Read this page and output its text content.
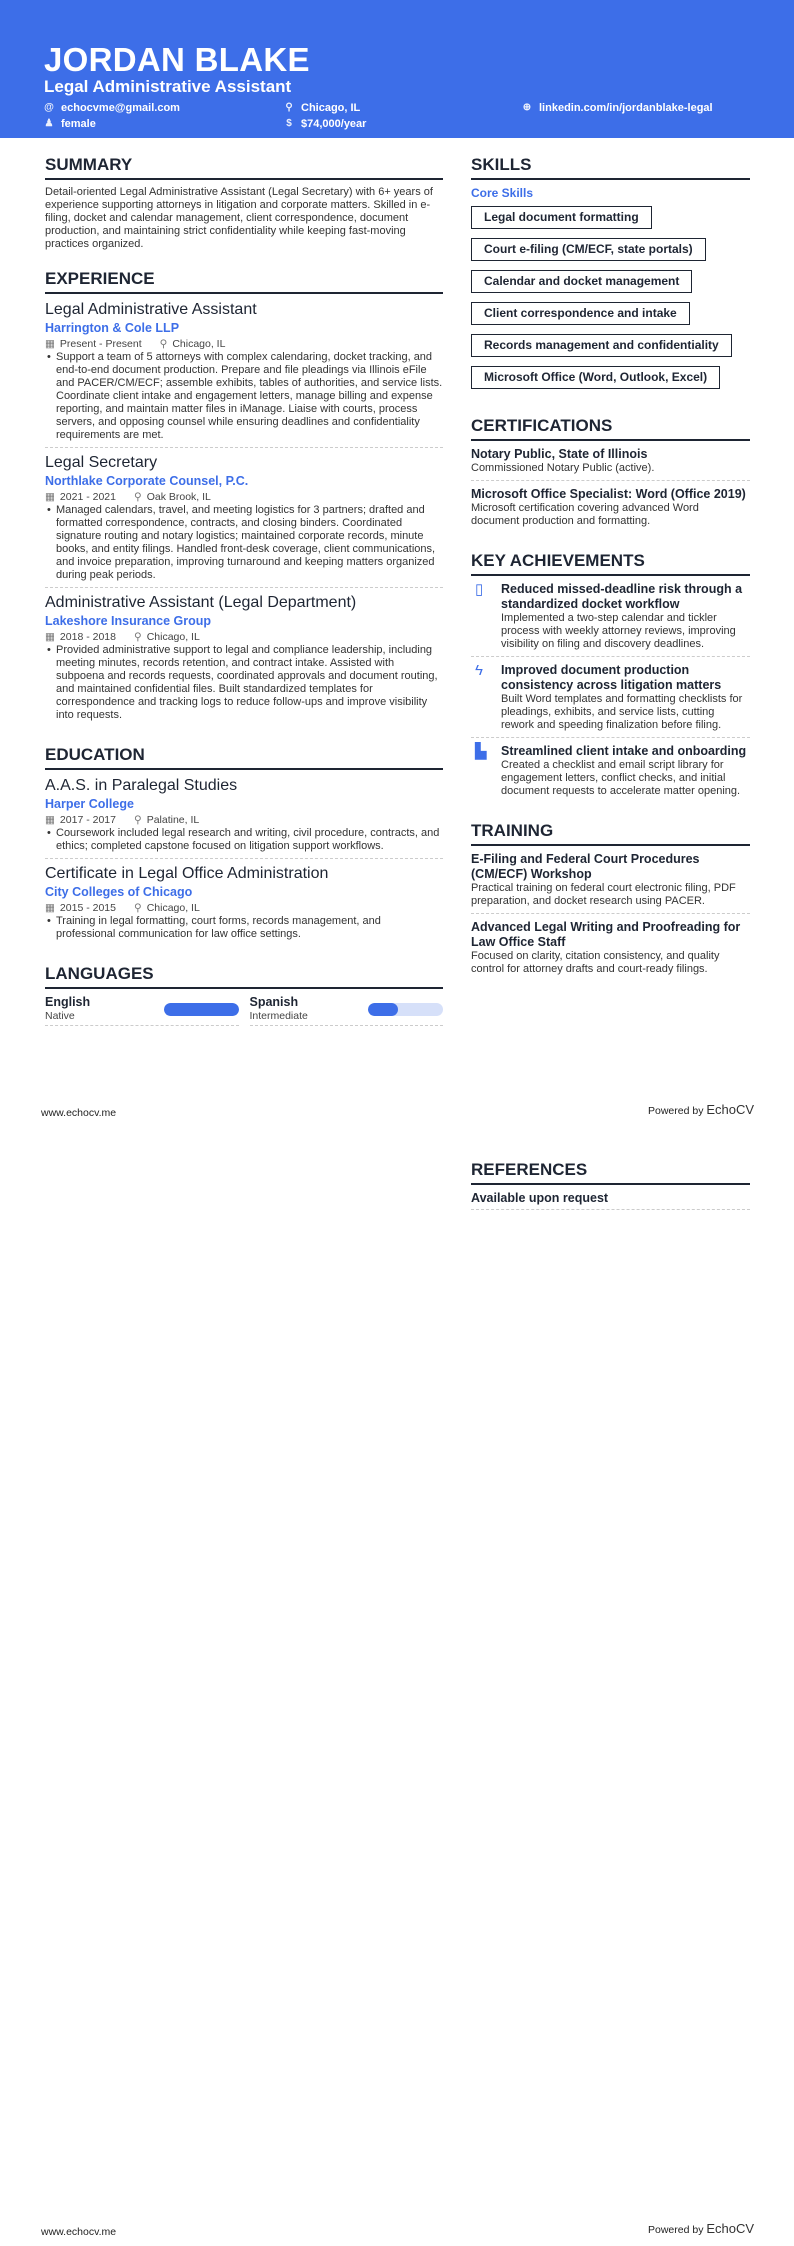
JORDAN BLAKE
Legal Administrative Assistant
@ echocvme@gmail.com	⚲ Chicago, IL	⊕ linkedin.com/in/jordanblake-legal
♟ female	$ $74,000/year
SUMMARY
Detail-oriented Legal Administrative Assistant (Legal Secretary) with 6+ years of experience supporting attorneys in litigation and corporate matters. Skilled in e-filing, docket and calendar management, client correspondence, document production, and maintaining strict confidentiality while keeping fast-moving practices organized.
EXPERIENCE
Legal Administrative Assistant
Harrington & Cole LLP
▦ Present - Present ⚲ Chicago, IL
• Support a team of 5 attorneys with complex calendaring, docket tracking, and end-to-end document production. Prepare and file pleadings via Illinois eFile and PACER/CM/ECF; assemble exhibits, tables of authorities, and service lists. Coordinate client intake and engagement letters, manage billing and expense reporting, and maintain matter files in iManage. Liaise with courts, process servers, and opposing counsel while ensuring deadlines and confidentiality requirements are met.
Legal Secretary
Northlake Corporate Counsel, P.C.
▦ 2021 - 2021 ⚲ Oak Brook, IL
• Managed calendars, travel, and meeting logistics for 3 partners; drafted and formatted correspondence, contracts, and closing binders. Coordinated signature routing and notary logistics; maintained corporate records, minute books, and entity filings. Handled front-desk coverage, client communications, and invoice preparation, improving turnaround and keeping matters organized during peak periods.
Administrative Assistant (Legal Department)
Lakeshore Insurance Group
▦ 2018 - 2018 ⚲ Chicago, IL
• Provided administrative support to legal and compliance leadership, including meeting minutes, records retention, and contract intake. Assisted with subpoena and records requests, coordinated approvals and document routing, and maintained confidential files. Built standardized templates for correspondence and tracking logs to reduce follow-ups and improve visibility into requests.
EDUCATION
A.A.S. in Paralegal Studies
Harper College
▦ 2017 - 2017 ⚲ Palatine, IL
• Coursework included legal research and writing, civil procedure, contracts, and ethics; completed capstone focused on litigation support workflows.
Certificate in Legal Office Administration
City Colleges of Chicago
▦ 2015 - 2015 ⚲ Chicago, IL
• Training in legal formatting, court forms, records management, and professional communication for law office settings.
LANGUAGES
English
Native
Spanish
Intermediate
SKILLS
Core Skills
Legal document formatting
Court e-filing (CM/ECF, state portals)
Calendar and docket management
Client correspondence and intake
Records management and confidentiality
Microsoft Office (Word, Outlook, Excel)
CERTIFICATIONS
Notary Public, State of Illinois
Commissioned Notary Public (active).
Microsoft Office Specialist: Word (Office 2019)
Microsoft certification covering advanced Word document production and formatting.
KEY ACHIEVEMENTS
▯ Reduced missed-deadline risk through a standardized docket workflow
Implemented a two-step calendar and tickler process with weekly attorney reviews, improving visibility on filing and discovery deadlines.
ϟ	Improved document production consistency across litigation matters
Built Word templates and formatting checklists for pleadings, exhibits, and service lists, cutting rework and speeding finalization before filing.
▙ Streamlined client intake and onboarding
Created a checklist and email script library for engagement letters, conflict checks, and initial document requests to accelerate matter opening.
TRAINING
E-Filing and Federal Court Procedures (CM/ECF) Workshop
Practical training on federal court electronic filing, PDF preparation, and docket research using PACER.
Advanced Legal Writing and Proofreading for Law Office Staff
Focused on clarity, citation consistency, and quality control for attorney drafts and court-ready filings.
www.echocv.me	Powered by EchoCV
REFERENCES
Available upon request
www.echocv.me	Powered by EchoCV
